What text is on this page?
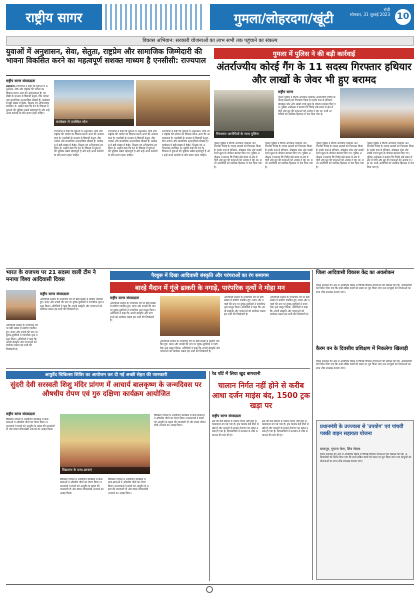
राष्ट्रीय सागर	गुमला/लोहरदगा/खूंटी
रांची
सोमवार, 31 जुलाई 2023 10
विकास अभियान: सरकारी योजनाओं का लाभ सभी तक पहुंचाने का संकल्प
युवाओं में अनुशासन, सेवा, सेतुता, राष्ट्रप्रेम और सामाजिक जिम्मेदारी की भावना विकसित करने का महत्वपूर्ण सशक्त माध्यम है एनसीसी: राज्यपाल
राष्ट्रीय सागर संवाददाता
लोहरदगा। राज्यपाल ने कहा कि युवाओं में अनुशासन, सेवा और राष्ट्रप्रेम की भावना का विकास करना आज की आवश्यकता है। एनसीसी के माध्यम से विद्यार्थी नेतृत्व, टीम भावना और सामाजिक उत्तरदायित्व सीखते हैं। कार्यक्रम में बड़ी संख्या में कैडेट, शिक्षक एवं अभिभावक उपस्थित थे। उन्होंने कहा कि देश के विकास में युवाओं की भूमिका सबसे महत्वपूर्ण है और उन्हें अपने कर्तव्यों के प्रति सजग रहना चाहिए।
कार्यक्रम में उपस्थित लोग
राज्यपाल ने कहा कि युवाओं में अनुशासन, सेवा और राष्ट्रप्रेम की भावना का विकास करना आज की आवश्यकता है। एनसीसी के माध्यम से विद्यार्थी नेतृत्व, टीम भावना और सामाजिक उत्तरदायित्व सीखते हैं। कार्यक्रम में बड़ी संख्या में कैडेट, शिक्षक एवं अभिभावक उपस्थित थे। उन्होंने कहा कि देश के विकास में युवाओं की भूमिका सबसे महत्वपूर्ण है और उन्हें अपने कर्तव्यों के प्रति सजग रहना चाहिए।
राज्यपाल ने कहा कि युवाओं में अनुशासन, सेवा और राष्ट्रप्रेम की भावना का विकास करना आज की आवश्यकता है। एनसीसी के माध्यम से विद्यार्थी नेतृत्व, टीम भावना और सामाजिक उत्तरदायित्व सीखते हैं। कार्यक्रम में बड़ी संख्या में कैडेट, शिक्षक एवं अभिभावक उपस्थित थे। उन्होंने कहा कि देश के विकास में युवाओं की भूमिका सबसे महत्वपूर्ण है और उन्हें अपने कर्तव्यों के प्रति सजग रहना चाहिए।
राज्यपाल ने कहा कि युवाओं में अनुशासन, सेवा और राष्ट्रप्रेम की भावना का विकास करना आज की आवश्यकता है। एनसीसी के माध्यम से विद्यार्थी नेतृत्व, टीम भावना और सामाजिक उत्तरदायित्व सीखते हैं। कार्यक्रम में बड़ी संख्या में कैडेट, शिक्षक एवं अभिभावक उपस्थित थे। उन्होंने कहा कि देश के विकास में युवाओं की भूमिका सबसे महत्वपूर्ण है और उन्हें अपने कर्तव्यों के प्रति सजग रहना चाहिए।
गुमला में पुलिस ने की बड़ी कार्रवाई
अंतर्राज्यीय कोरई गैंग के 11 सदस्य गिरफ्तार हथियार और लाखों के जेवर भी हुए बरामद
गिरफ्तार आरोपियों के साथ पुलिस
राष्ट्रीय सागर
गुमला पुलिस ने विशेष अभियान चलाकर अंतर्राज्यीय गिरोह के ग्यारह सदस्यों को गिरफ्तार किया है। इनके पास से हथियार, मोबाइल फोन और लाखों रुपये मूल्य के जेवरात बरामद किए गए। पुलिस अधीक्षक ने बताया कि गिरोह लंबे समय से क्षेत्र में चोरी और लूट की घटनाओं को अंजाम दे रहा था। सभी आरोपियों को न्यायिक हिरासत में भेज दिया गया है।
गुमला पुलिस ने विशेष अभियान चलाकर अंतर्राज्यीय गिरोह के ग्यारह सदस्यों को गिरफ्तार किया है। इनके पास से हथियार, मोबाइल फोन और लाखों रुपये मूल्य के जेवरात बरामद किए गए। पुलिस अधीक्षक ने बताया कि गिरोह लंबे समय से क्षेत्र में चोरी और लूट की घटनाओं को अंजाम दे रहा था। सभी आरोपियों को न्यायिक हिरासत में भेज दिया गया है।
गुमला पुलिस ने विशेष अभियान चलाकर अंतर्राज्यीय गिरोह के ग्यारह सदस्यों को गिरफ्तार किया है। इनके पास से हथियार, मोबाइल फोन और लाखों रुपये मूल्य के जेवरात बरामद किए गए। पुलिस अधीक्षक ने बताया कि गिरोह लंबे समय से क्षेत्र में चोरी और लूट की घटनाओं को अंजाम दे रहा था। सभी आरोपियों को न्यायिक हिरासत में भेज दिया गया है।
गुमला पुलिस ने विशेष अभियान चलाकर अंतर्राज्यीय गिरोह के ग्यारह सदस्यों को गिरफ्तार किया है। इनके पास से हथियार, मोबाइल फोन और लाखों रुपये मूल्य के जेवरात बरामद किए गए। पुलिस अधीक्षक ने बताया कि गिरोह लंबे समय से क्षेत्र में चोरी और लूट की घटनाओं को अंजाम दे रहा था। सभी आरोपियों को न्यायिक हिरासत में भेज दिया गया है।
गुमला पुलिस ने विशेष अभियान चलाकर अंतर्राज्यीय गिरोह के ग्यारह सदस्यों को गिरफ्तार किया है। इनके पास से हथियार, मोबाइल फोन और लाखों रुपये मूल्य के जेवरात बरामद किए गए। पुलिस अधीक्षक ने बताया कि गिरोह लंबे समय से क्षेत्र में चोरी और लूट की घटनाओं को अंजाम दे रहा था। सभी आरोपियों को न्यायिक हिरासत में भेज दिया गया है।
भारत के राजपथ पर 21 सदस्य वाली टीम ने मनाया विश्व आदिवासी दिवस
राष्ट्रीय सागर संवाददाता
आदिवासी समाज के पारंपरिक पर्व पर बड़ी संख्या में ग्रामीण एकत्रित हुए। मांदर और नगाड़ों की थाप पर युवक-युवतियों ने पारंपरिक नृत्य प्रस्तुत किया। अतिथियों ने कहा कि अपनी संस्कृति और परंपराओं को संजोकर रखना हम सभी की जिम्मेदारी है।
आदिवासी समाज के पारंपरिक पर्व पर बड़ी संख्या में ग्रामीण एकत्रित हुए। मांदर और नगाड़ों की थाप पर युवक-युवतियों ने पारंपरिक नृत्य प्रस्तुत किया। अतिथियों ने कहा कि अपनी संस्कृति और परंपराओं को संजोकर रखना हम सभी की जिम्मेदारी है।
पैरबुरू में दिखा आदिवासी संस्कृति और परंपराओं का रंग समागम
बारहे मैदान में गूंजे ढाकरी के नगाड़े, पारंपरिक नृत्यों ने मोहा मन
राष्ट्रीय सागर संवाददाता
आदिवासी समाज के पारंपरिक पर्व पर बड़ी संख्या में ग्रामीण एकत्रित हुए। मांदर और नगाड़ों की थाप पर युवक-युवतियों ने पारंपरिक नृत्य प्रस्तुत किया। अतिथियों ने कहा कि अपनी संस्कृति और परंपराओं को संजोकर रखना हम सभी की जिम्मेदारी है।
आदिवासी समाज के पारंपरिक पर्व पर बड़ी संख्या में ग्रामीण एकत्रित हुए। मांदर और नगाड़ों की थाप पर युवक-युवतियों ने पारंपरिक नृत्य प्रस्तुत किया। अतिथियों ने कहा कि अपनी संस्कृति और परंपराओं को संजोकर रखना हम सभी की जिम्मेदारी है।
आदिवासी समाज के पारंपरिक पर्व पर बड़ी संख्या में ग्रामीण एकत्रित हुए। मांदर और नगाड़ों की थाप पर युवक-युवतियों ने पारंपरिक नृत्य प्रस्तुत किया। अतिथियों ने कहा कि अपनी संस्कृति और परंपराओं को संजोकर रखना हम सभी की जिम्मेदारी है।
आदिवासी समाज के पारंपरिक पर्व पर बड़ी संख्या में ग्रामीण एकत्रित हुए। मांदर और नगाड़ों की थाप पर युवक-युवतियों ने पारंपरिक नृत्य प्रस्तुत किया। अतिथियों ने कहा कि अपनी संस्कृति और परंपराओं को संजोकर रखना हम सभी की जिम्मेदारी है।
जिला आदिवासी विकास केंद्र का अवलोकन
जिला प्रशासन की ओर से आयोजित बैठक में विभिन्न विकास योजनाओं की समीक्षा की गई। अधिकारियों को निर्देश दिया गया कि सभी लंबित कार्यों को समय पर पूरा किया जाए तथा लाभुकों को योजनाओं का लाभ शीघ्र उपलब्ध कराया जाए।
कैरम वन के दिवसीय प्रशिक्षण में निकलेगा खिलाड़ी
जिला प्रशासन की ओर से आयोजित बैठक में विभिन्न विकास योजनाओं की समीक्षा की गई। अधिकारियों को निर्देश दिया गया कि सभी लंबित कार्यों को समय पर पूरा किया जाए तथा लाभुकों को योजनाओं का लाभ शीघ्र उपलब्ध कराया जाए।
प्रधानमंत्री के उज्ज्वला से 'उपयोग' एवं पांचवीं पक्की वाहन सहायता योजना
बाकपुर, गुमला केस, शिव सेवक
जिला प्रशासन की ओर से आयोजित बैठक में विभिन्न विकास योजनाओं की समीक्षा की गई। अधिकारियों को निर्देश दिया गया कि सभी लंबित कार्यों को समय पर पूरा किया जाए तथा लाभुकों को योजनाओं का लाभ शीघ्र उपलब्ध कराया जाए।
आयुर्वेद चिकित्सा शिविर का आयोजन कर दी गई अच्छी सेहत की जानकारी
सुंदरी देवी सरस्वती शिशु मंदिर प्रांगण में आचार्य बालकृष्ण के जन्मदिवस पर औषधीय रोपण एवं गुरु दक्षिणा कार्यक्रम आयोजित
राष्ट्रीय सागर संवाददाता
विद्यालय परिसर में आयोजित कार्यक्रम में छात्र-छात्राओं ने औषधीय पौधों का रोपण किया। प्रधानाचार्य ने बच्चों को आयुर्वेद के महत्व की जानकारी दी और स्वस्थ जीवनशैली अपनाने का आग्रह किया।
विद्यालय के छात्र-छात्राएं
विद्यालय परिसर में आयोजित कार्यक्रम में छात्र-छात्राओं ने औषधीय पौधों का रोपण किया। प्रधानाचार्य ने बच्चों को आयुर्वेद के महत्व की जानकारी दी और स्वस्थ जीवनशैली अपनाने का आग्रह किया।
विद्यालय परिसर में आयोजित कार्यक्रम में छात्र-छात्राओं ने औषधीय पौधों का रोपण किया। प्रधानाचार्य ने बच्चों को आयुर्वेद के महत्व की जानकारी दी और स्वस्थ जीवनशैली अपनाने का आग्रह किया।
विद्यालय परिसर में आयोजित कार्यक्रम में छात्र-छात्राओं ने औषधीय पौधों का रोपण किया। प्रधानाचार्य ने बच्चों को आयुर्वेद के महत्व की जानकारी दी और स्वस्थ जीवनशैली अपनाने का आग्रह किया।
रेड पाॅर्ट में लिया खुद बागवानी
चालान निर्गत नहीं होने से करीब आधा दर्जन माइंस बंद, 1500 ट्रक खड़ा पर
राष्ट्रीय सागर संवाददाता
क्षेत्र की कई खदानों में चालान निर्गत नहीं होने से कामकाज ठप पड़ गया है। ट्रक चालक कई दिनों से खड़े हैं और मजदूरों के सामने रोजगार का संकट उत्पन्न हो गया है। व्यवसायियों ने प्रशासन से शीघ्र समाधान की मांग की है।
क्षेत्र की कई खदानों में चालान निर्गत नहीं होने से कामकाज ठप पड़ गया है। ट्रक चालक कई दिनों से खड़े हैं और मजदूरों के सामने रोजगार का संकट उत्पन्न हो गया है। व्यवसायियों ने प्रशासन से शीघ्र समाधान की मांग की है।
